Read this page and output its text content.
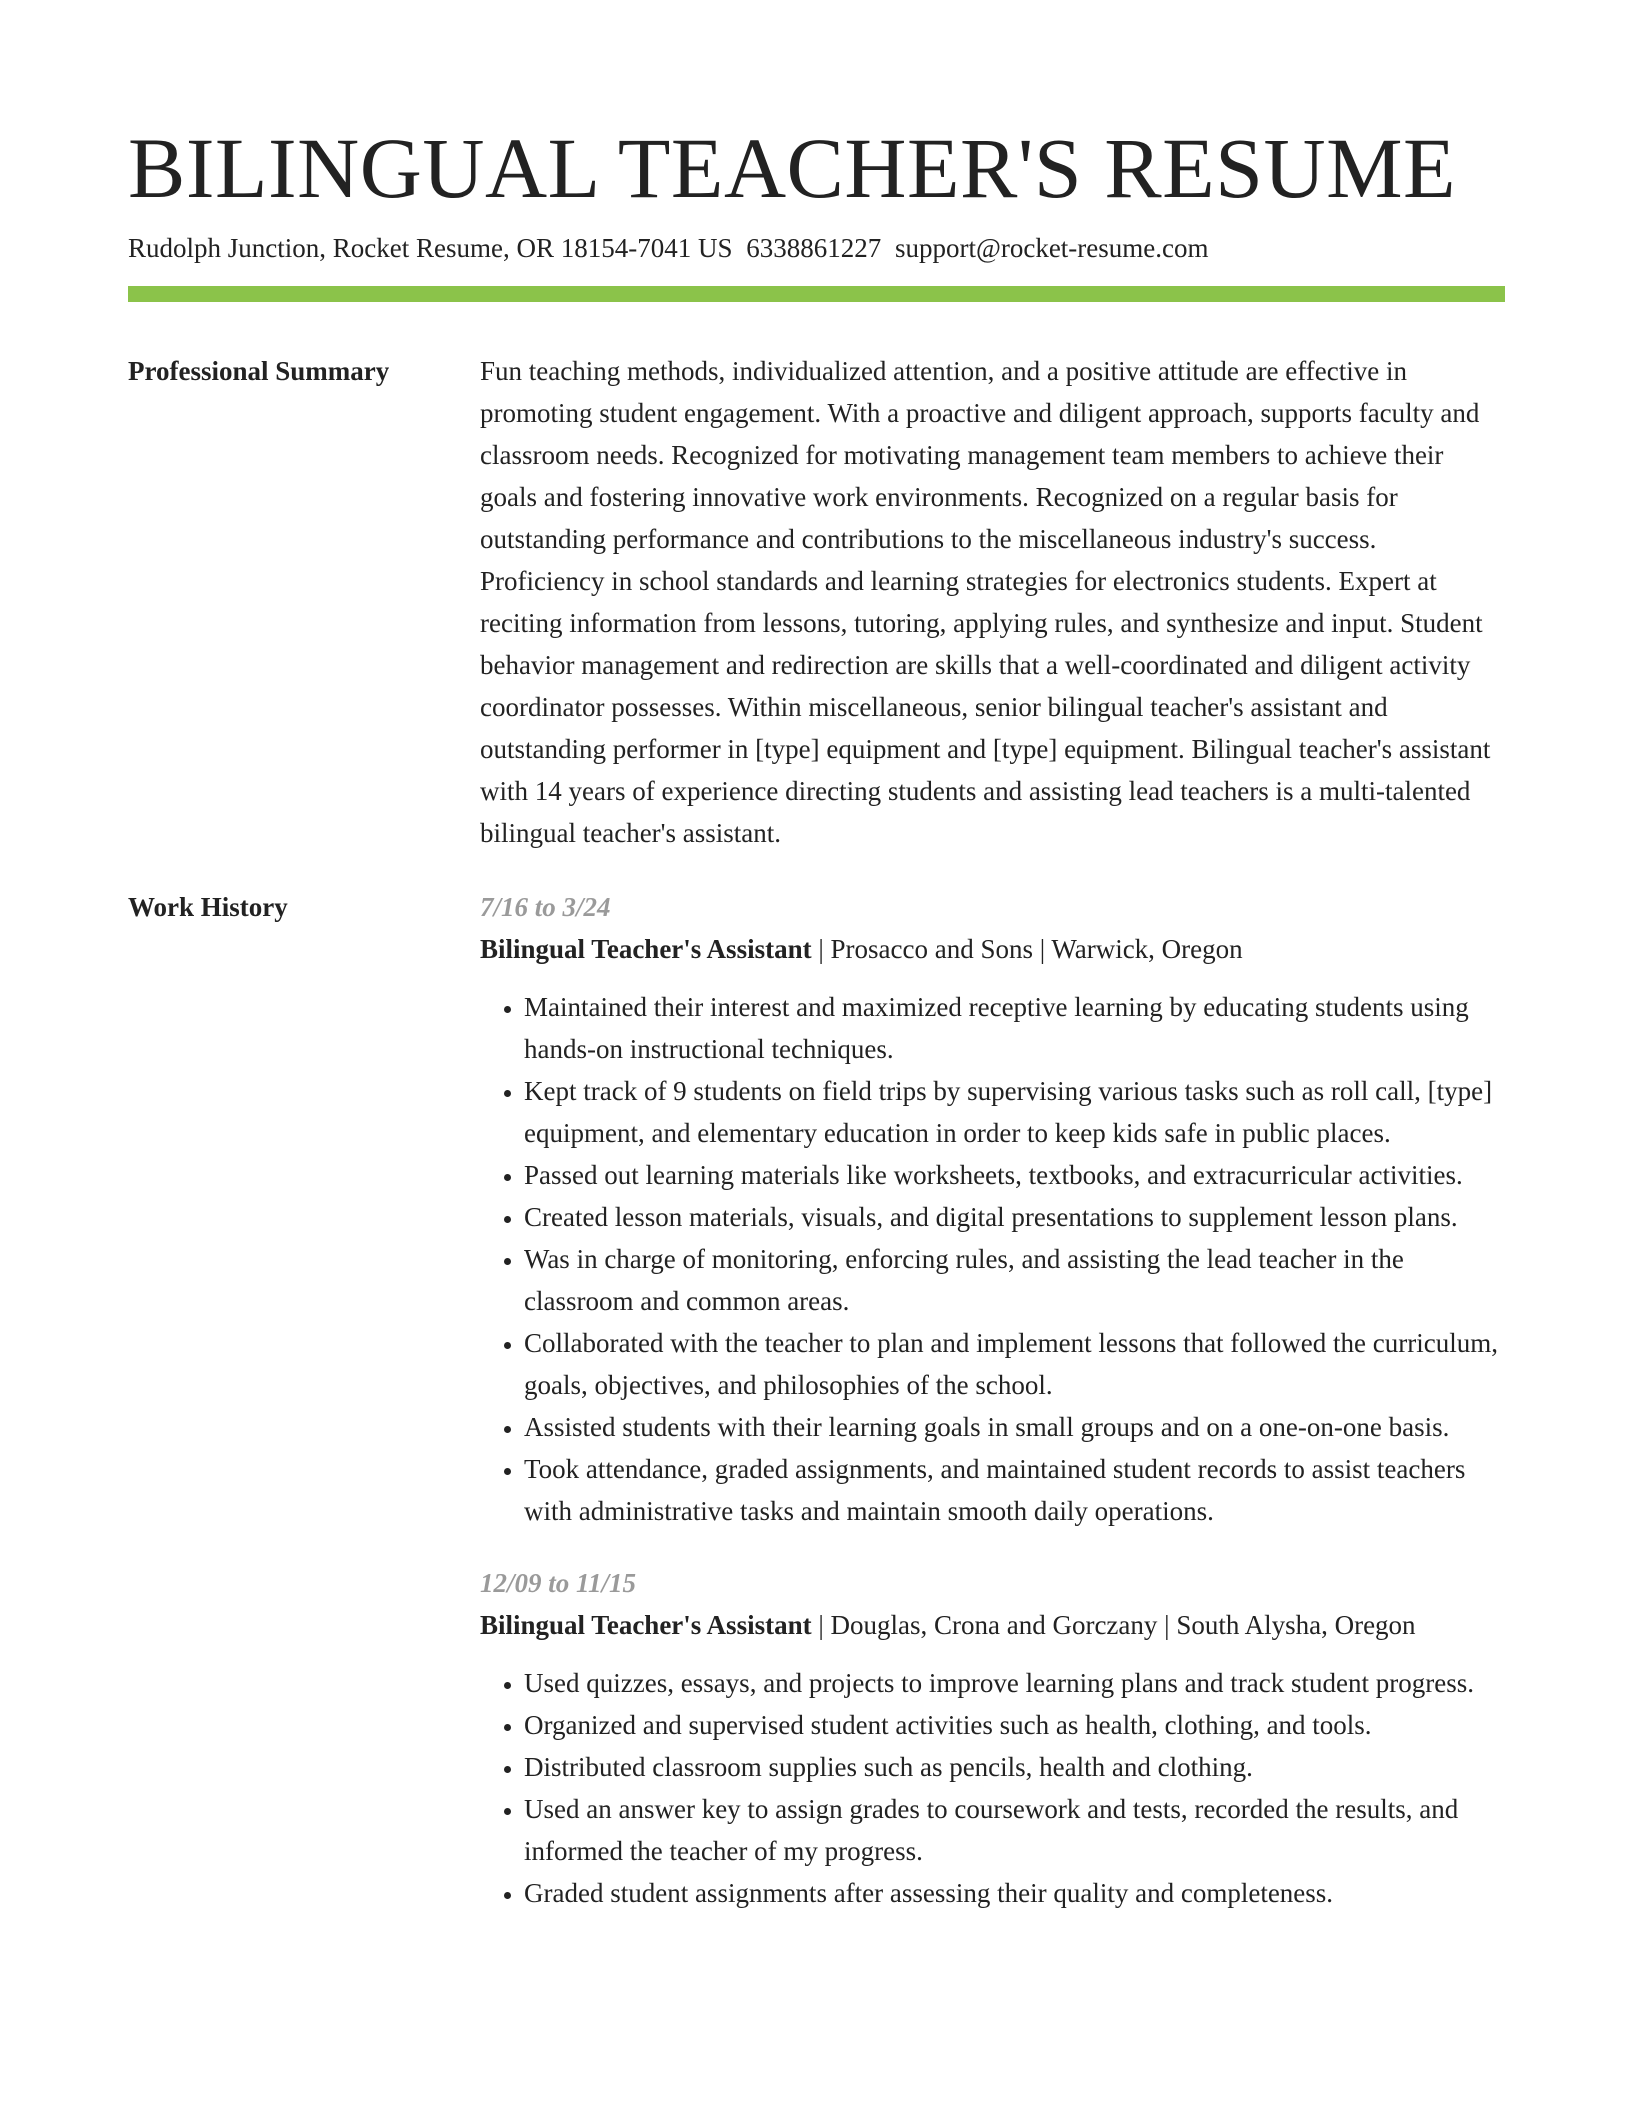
BILINGUAL TEACHER'S RESUME
Rudolph Junction, Rocket Resume, OR 18154-7041 US 6338861227 support@rocket-resume.com
Professional Summary	Fun teaching methods, individualized attention, and a positive attitude are effective in promoting student engagement. With a proactive and diligent approach, supports faculty and classroom needs. Recognized for motivating management team members to achieve their goals and fostering innovative work environments. Recognized on a regular basis for outstanding performance and contributions to the miscellaneous industry's success. Proficiency in school standards and learning strategies for electronics students. Expert at reciting information from lessons, tutoring, applying rules, and synthesize and input. Student behavior management and redirection are skills that a well-coordinated and diligent activity coordinator possesses. Within miscellaneous, senior bilingual teacher's assistant and outstanding performer in [type] equipment and [type] equipment. Bilingual teacher's assistant with 14 years of experience directing students and assisting lead teachers is a multi-talented bilingual teacher's assistant.

Work History	7/16 to 3/24
Bilingual Teacher's Assistant | Prosacco and Sons | Warwick, Oregon
• Maintained their interest and maximized receptive learning by educating students using hands-on instructional techniques.
• Kept track of 9 students on field trips by supervising various tasks such as roll call, [type] equipment, and elementary education in order to keep kids safe in public places.
• Passed out learning materials like worksheets, textbooks, and extracurricular activities.
• Created lesson materials, visuals, and digital presentations to supplement lesson plans.
• Was in charge of monitoring, enforcing rules, and assisting the lead teacher in the classroom and common areas.
• Collaborated with the teacher to plan and implement lessons that followed the curriculum, goals, objectives, and philosophies of the school.
• Assisted students with their learning goals in small groups and on a one-on-one basis.
• Took attendance, graded assignments, and maintained student records to assist teachers with administrative tasks and maintain smooth daily operations.
12/09 to 11/15
Bilingual Teacher's Assistant | Douglas, Crona and Gorczany | South Alysha, Oregon
• Used quizzes, essays, and projects to improve learning plans and track student progress.
• Organized and supervised student activities such as health, clothing, and tools.
• Distributed classroom supplies such as pencils, health and clothing.
• Used an answer key to assign grades to coursework and tests, recorded the results, and informed the teacher of my progress.
• Graded student assignments after assessing their quality and completeness.
